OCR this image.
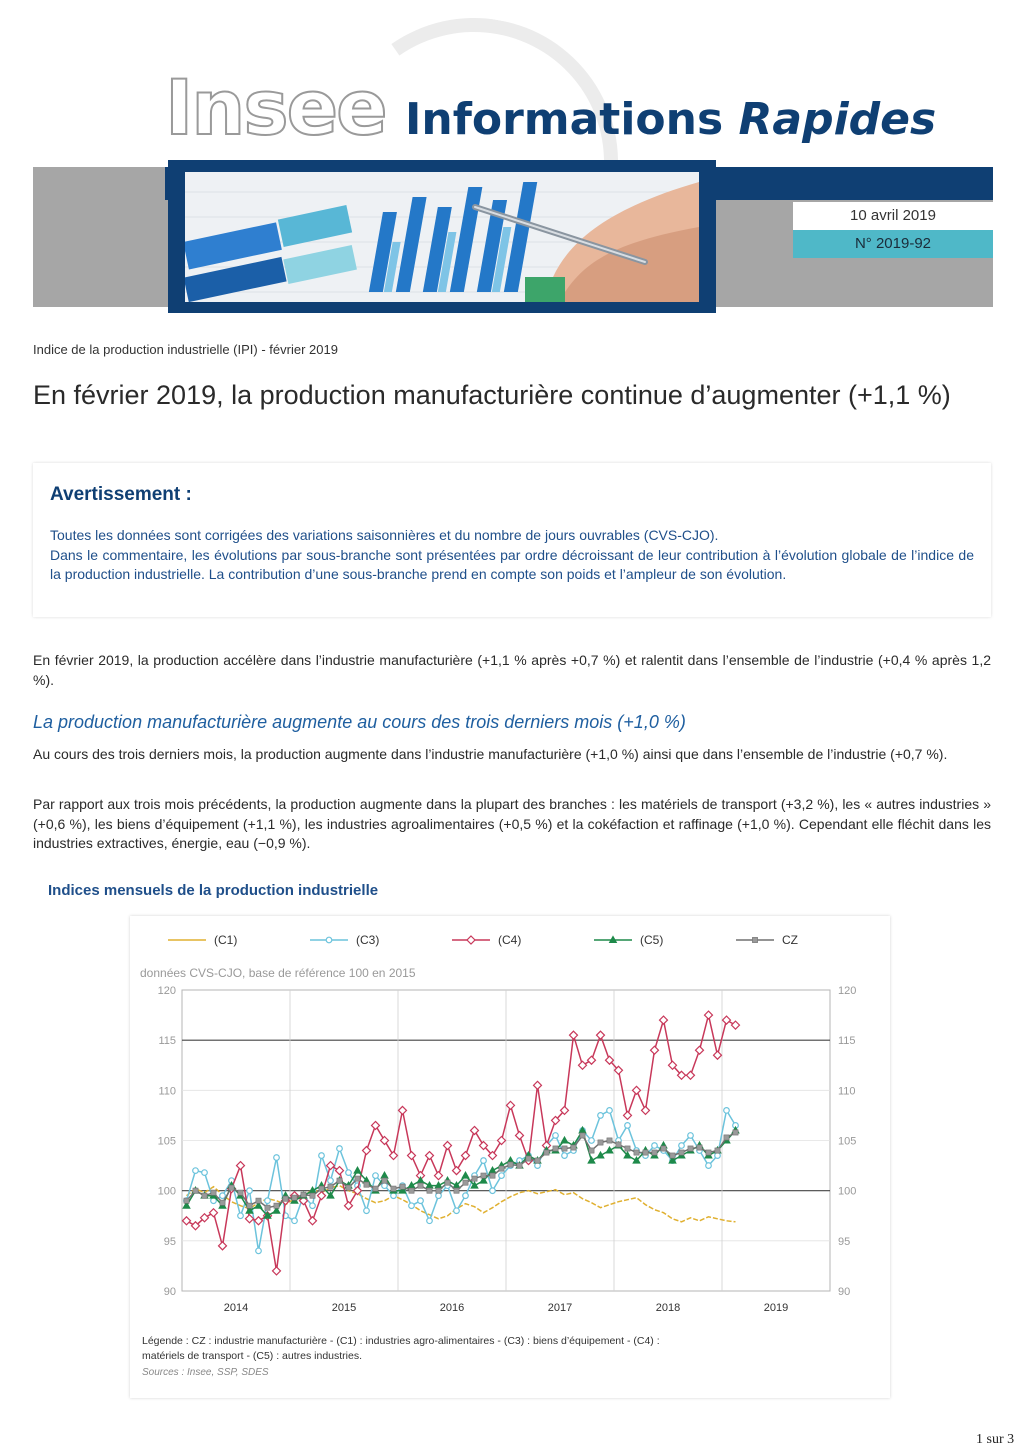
Insee Informations Rapides
10 avril 2019
N° 2019-92
Indice de la production industrielle (IPI) - février 2019
En février 2019, la production manufacturière continue d’augmenter (+1,1 %)
Avertissement :

Toutes les données sont corrigées des variations saisonnières et du nombre de jours ouvrables (CVS-CJO).

Dans le commentaire, les évolutions par sous-branche sont présentées par ordre décroissant de leur contribution à l’évolution globale de l’indice de la production industrielle. La contribution d’une sous-branche prend en compte son poids et l’ampleur de son évolution.

En février 2019, la production accélère dans l’industrie manufacturière (+1,1 % après +0,7 %) et ralentit dans l’ensemble de l’industrie (+0,4 % après 1,2 %).
La production manufacturière augmente au cours des trois derniers mois (+1,0 %)
Au cours des trois derniers mois, la production augmente dans l’industrie manufacturière (+1,0 %) ainsi que dans l’ensemble de l’industrie (+0,7 %).
Par rapport aux trois mois précédents, la production augmente dans la plupart des branches : les matériels de transport (+3,2 %), les « autres industries » (+0,6 %), les biens d’équipement (+1,1 %), les industries agroalimentaires (+0,5 %) et la cokéfaction et raffinage (+1,0 %). Cependant elle fléchit dans les industries extractives, énergie, eau (−0,9 %).
Indices mensuels de la production industrielle
90	90
95	95
100	100
105	105
110	110
115	115
120	120
2014	2015	2016	2017	2018	2019
données CVS-CJO, base de référence 100 en 2015
(C1)	(C3)	(C4)	(C5)	CZ
Légende : CZ : industrie manufacturière - (C1) : industries agro-alimentaires - (C3) : biens d’équipement - (C4) :
matériels de transport - (C5) : autres industries.
Sources : Insee, SSP, SDES
1 sur 3
